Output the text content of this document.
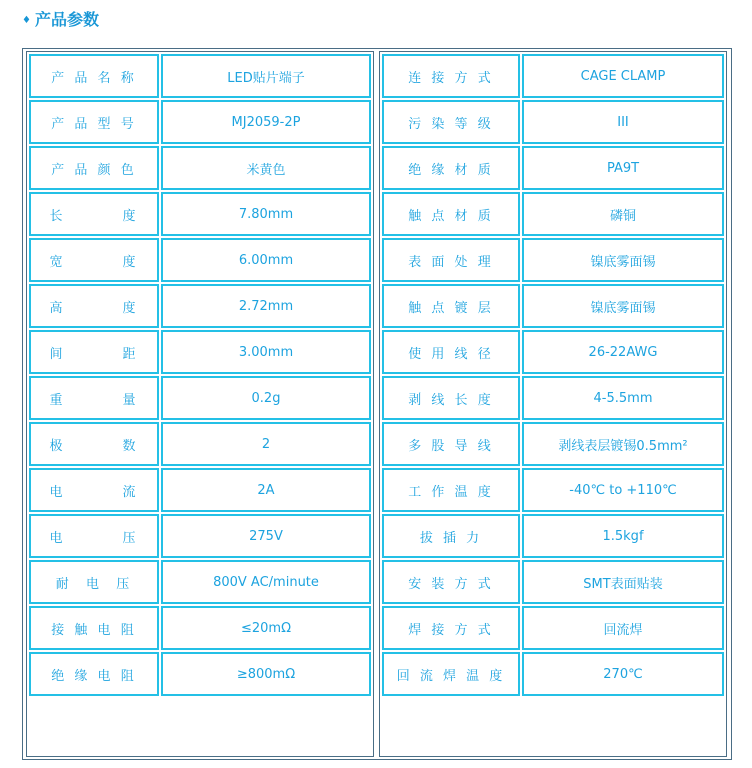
♦ 产品参数
产 品 名 称	LED贴片端子
产 品 型 号	MJ2059-2P
产 品 颜 色	米黄色
长        度	7.80mm
宽        度	6.00mm
高        度	2.72mm
间        距	3.00mm
重        量	0.2g
极        数	2
电        流	2A
电        压	275V
耐  电  压	800V AC/minute
接 触 电 阻	≤20mΩ
绝 缘 电 阻	≥800mΩ
连 接 方 式	CAGE CLAMP
污 染 等 级	III
绝 缘 材 质	PA9T
触 点 材 质	磷铜
表 面 处 理	镍底雾面锡
触 点 镀 层	镍底雾面锡
使 用 线 径	26-22AWG
剥 线 长 度	4-5.5mm
多 股 导 线	剥线表层镀锡0.5mm²
工 作 温 度	-40℃ to +110℃
拔 插 力	1.5kgf
安 装 方 式	SMT表面贴装
焊 接 方 式	回流焊
回 流 焊 温 度	270℃
